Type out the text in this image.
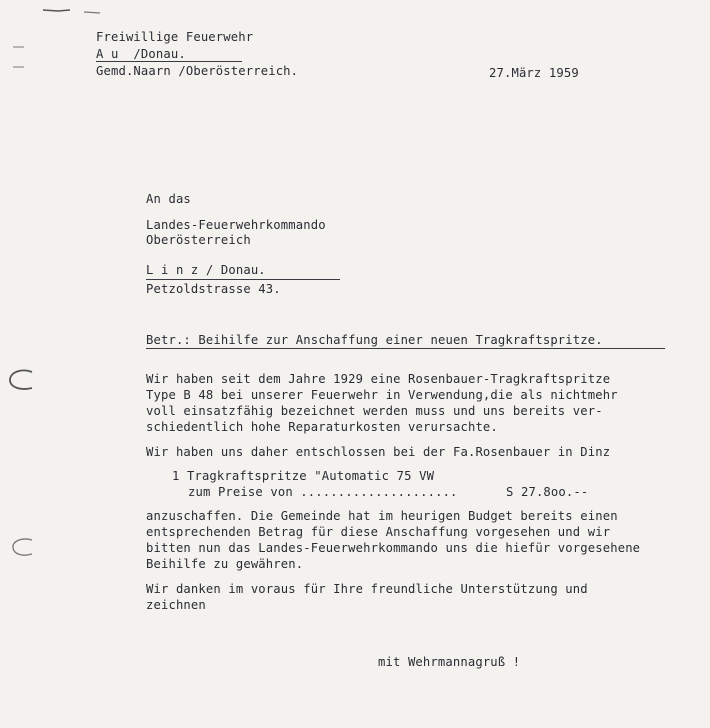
Freiwillige Feuerwehr
A u  /Donau.
Gemd.Naarn /Oberösterreich.	27.März 1959
An das
Landes-Feuerwehrkommando
Oberösterreich
L i n z / Donau.
Petzoldstrasse 43.
Betr.: Beihilfe zur Anschaffung einer neuen Tragkraftspritze.
Wir haben seit dem Jahre 1929 eine Rosenbauer-Tragkraftspritze
Type B 48 bei unserer Feuerwehr in Verwendung,die als nichtmehr
voll einsatzfähig bezeichnet werden muss und uns bereits ver-
schiedentlich hohe Reparaturkosten verursachte.
Wir haben uns daher entschlossen bei der Fa.Rosenbauer in Dinz
1 Tragkraftspritze "Automatic 75 VW
zum Preise von .....................	S 27.8oo.--
anzuschaffen. Die Gemeinde hat im heurigen Budget bereits einen
entsprechenden Betrag für diese Anschaffung vorgesehen und wir
bitten nun das Landes-Feuerwehrkommando uns die hiefür vorgesehene
Beihilfe zu gewähren.
Wir danken im voraus für Ihre freundliche Unterstützung und
zeichnen
mit Wehrmannagruß !
